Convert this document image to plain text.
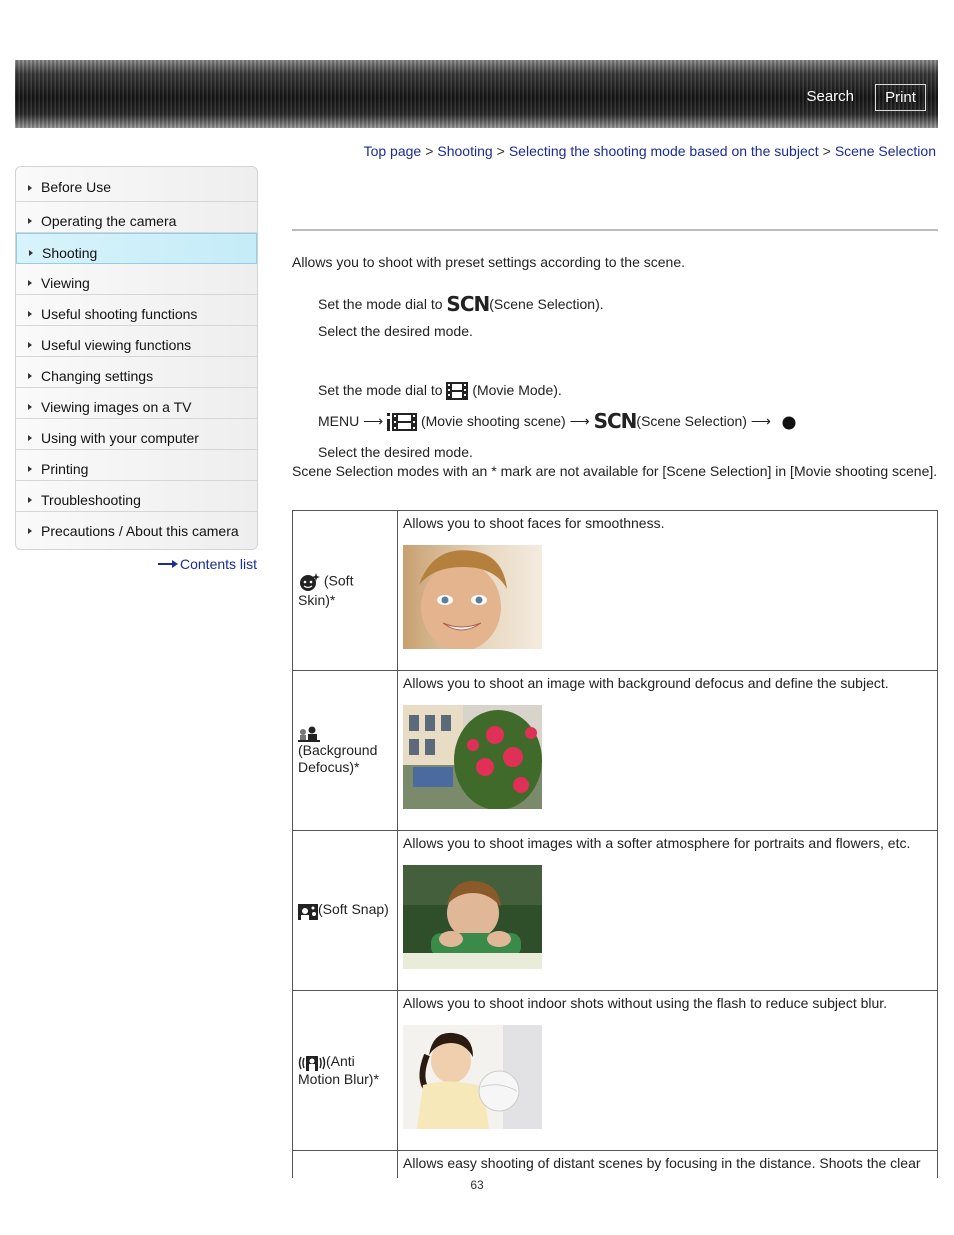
Search	Print
Top page > Shooting > Selecting the shooting mode based on the subject > Scene Selection
Before Use
Operating the camera
Shooting
Viewing
Useful shooting functions
Useful viewing functions
Changing settings
Viewing images on a TV
Using with your computer
Printing
Troubleshooting
Precautions / About this camera
Contents list
Allows you to shoot with preset settings according to the scene.
Set the mode dial to SCN(Scene Selection).
Select the desired mode.
Set the mode dial to (Movie Mode).
MENU ⟶	(Movie shooting scene) ⟶ SCN(Scene Selection) ⟶
Select the desired mode.
Scene Selection modes with an * mark are not available for [Scene Selection] in [Movie shooting scene].
(Soft Skin)*	Allows you to shoot faces for smoothness.

(Background Defocus)*	Allows you to shoot an image with background defocus and define the subject.

(Soft Snap)	Allows you to shoot images with a softer atmosphere for portraits and flowers, etc.

(Anti Motion Blur)*	Allows you to shoot indoor shots without using the flash to reduce subject blur.

	Allows easy shooting of distant scenes by focusing in the distance. Shoots the clear
63
